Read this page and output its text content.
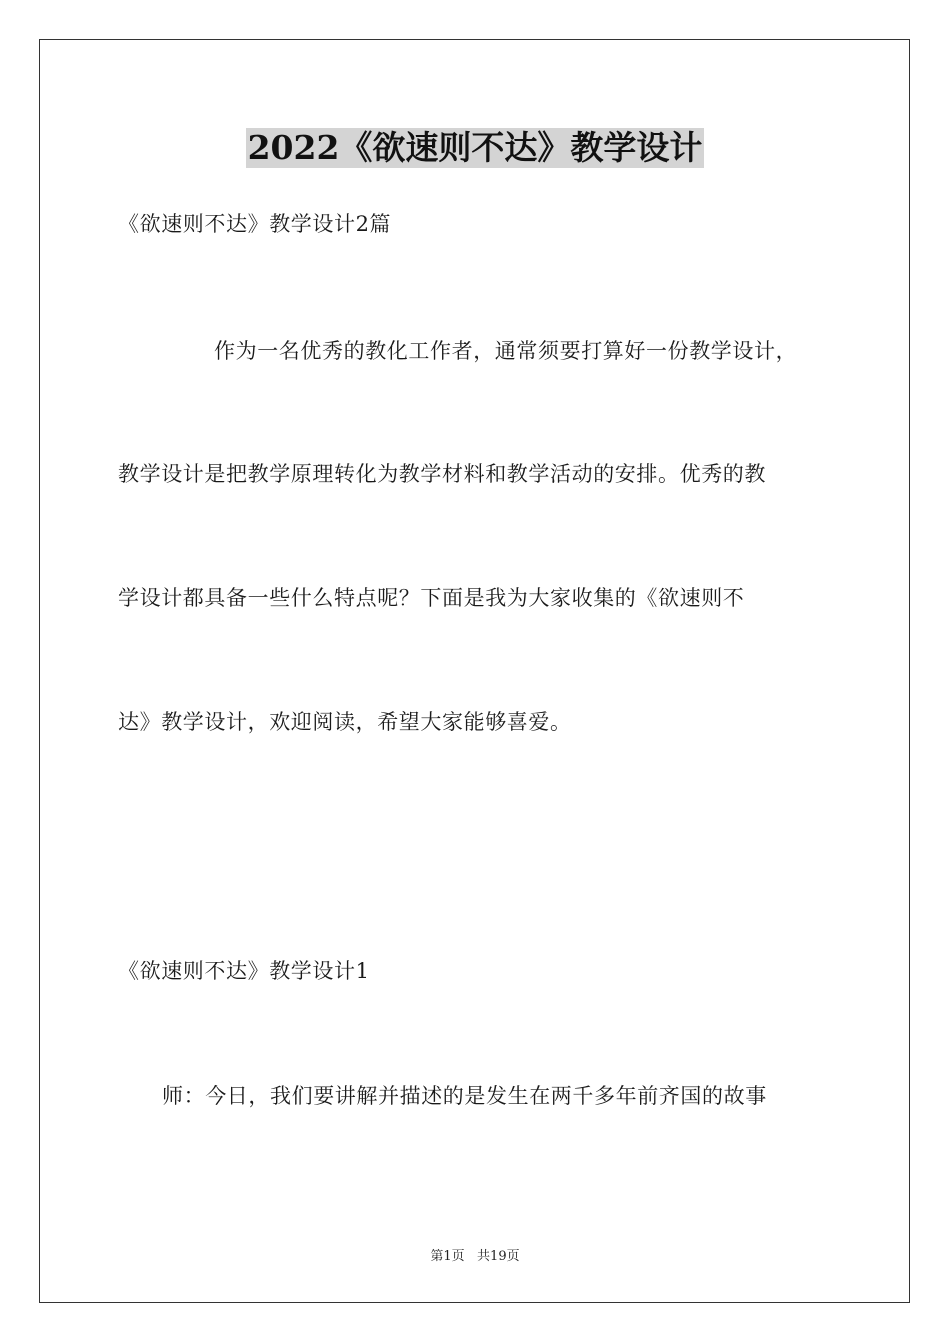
2022《欲速则不达》教学设计
《欲速则不达》教学设计2篇
作为一名优秀的教化工作者，通常须要打算好一份教学设计，
教学设计是把教学原理转化为教学材料和教学活动的安排。优秀的教
学设计都具备一些什么特点呢？下面是我为大家收集的《欲速则不
达》教学设计，欢迎阅读，希望大家能够喜爱。
《欲速则不达》教学设计1
师：今日，我们要讲解并描述的是发生在两千多年前齐国的故事
第1页   共19页
